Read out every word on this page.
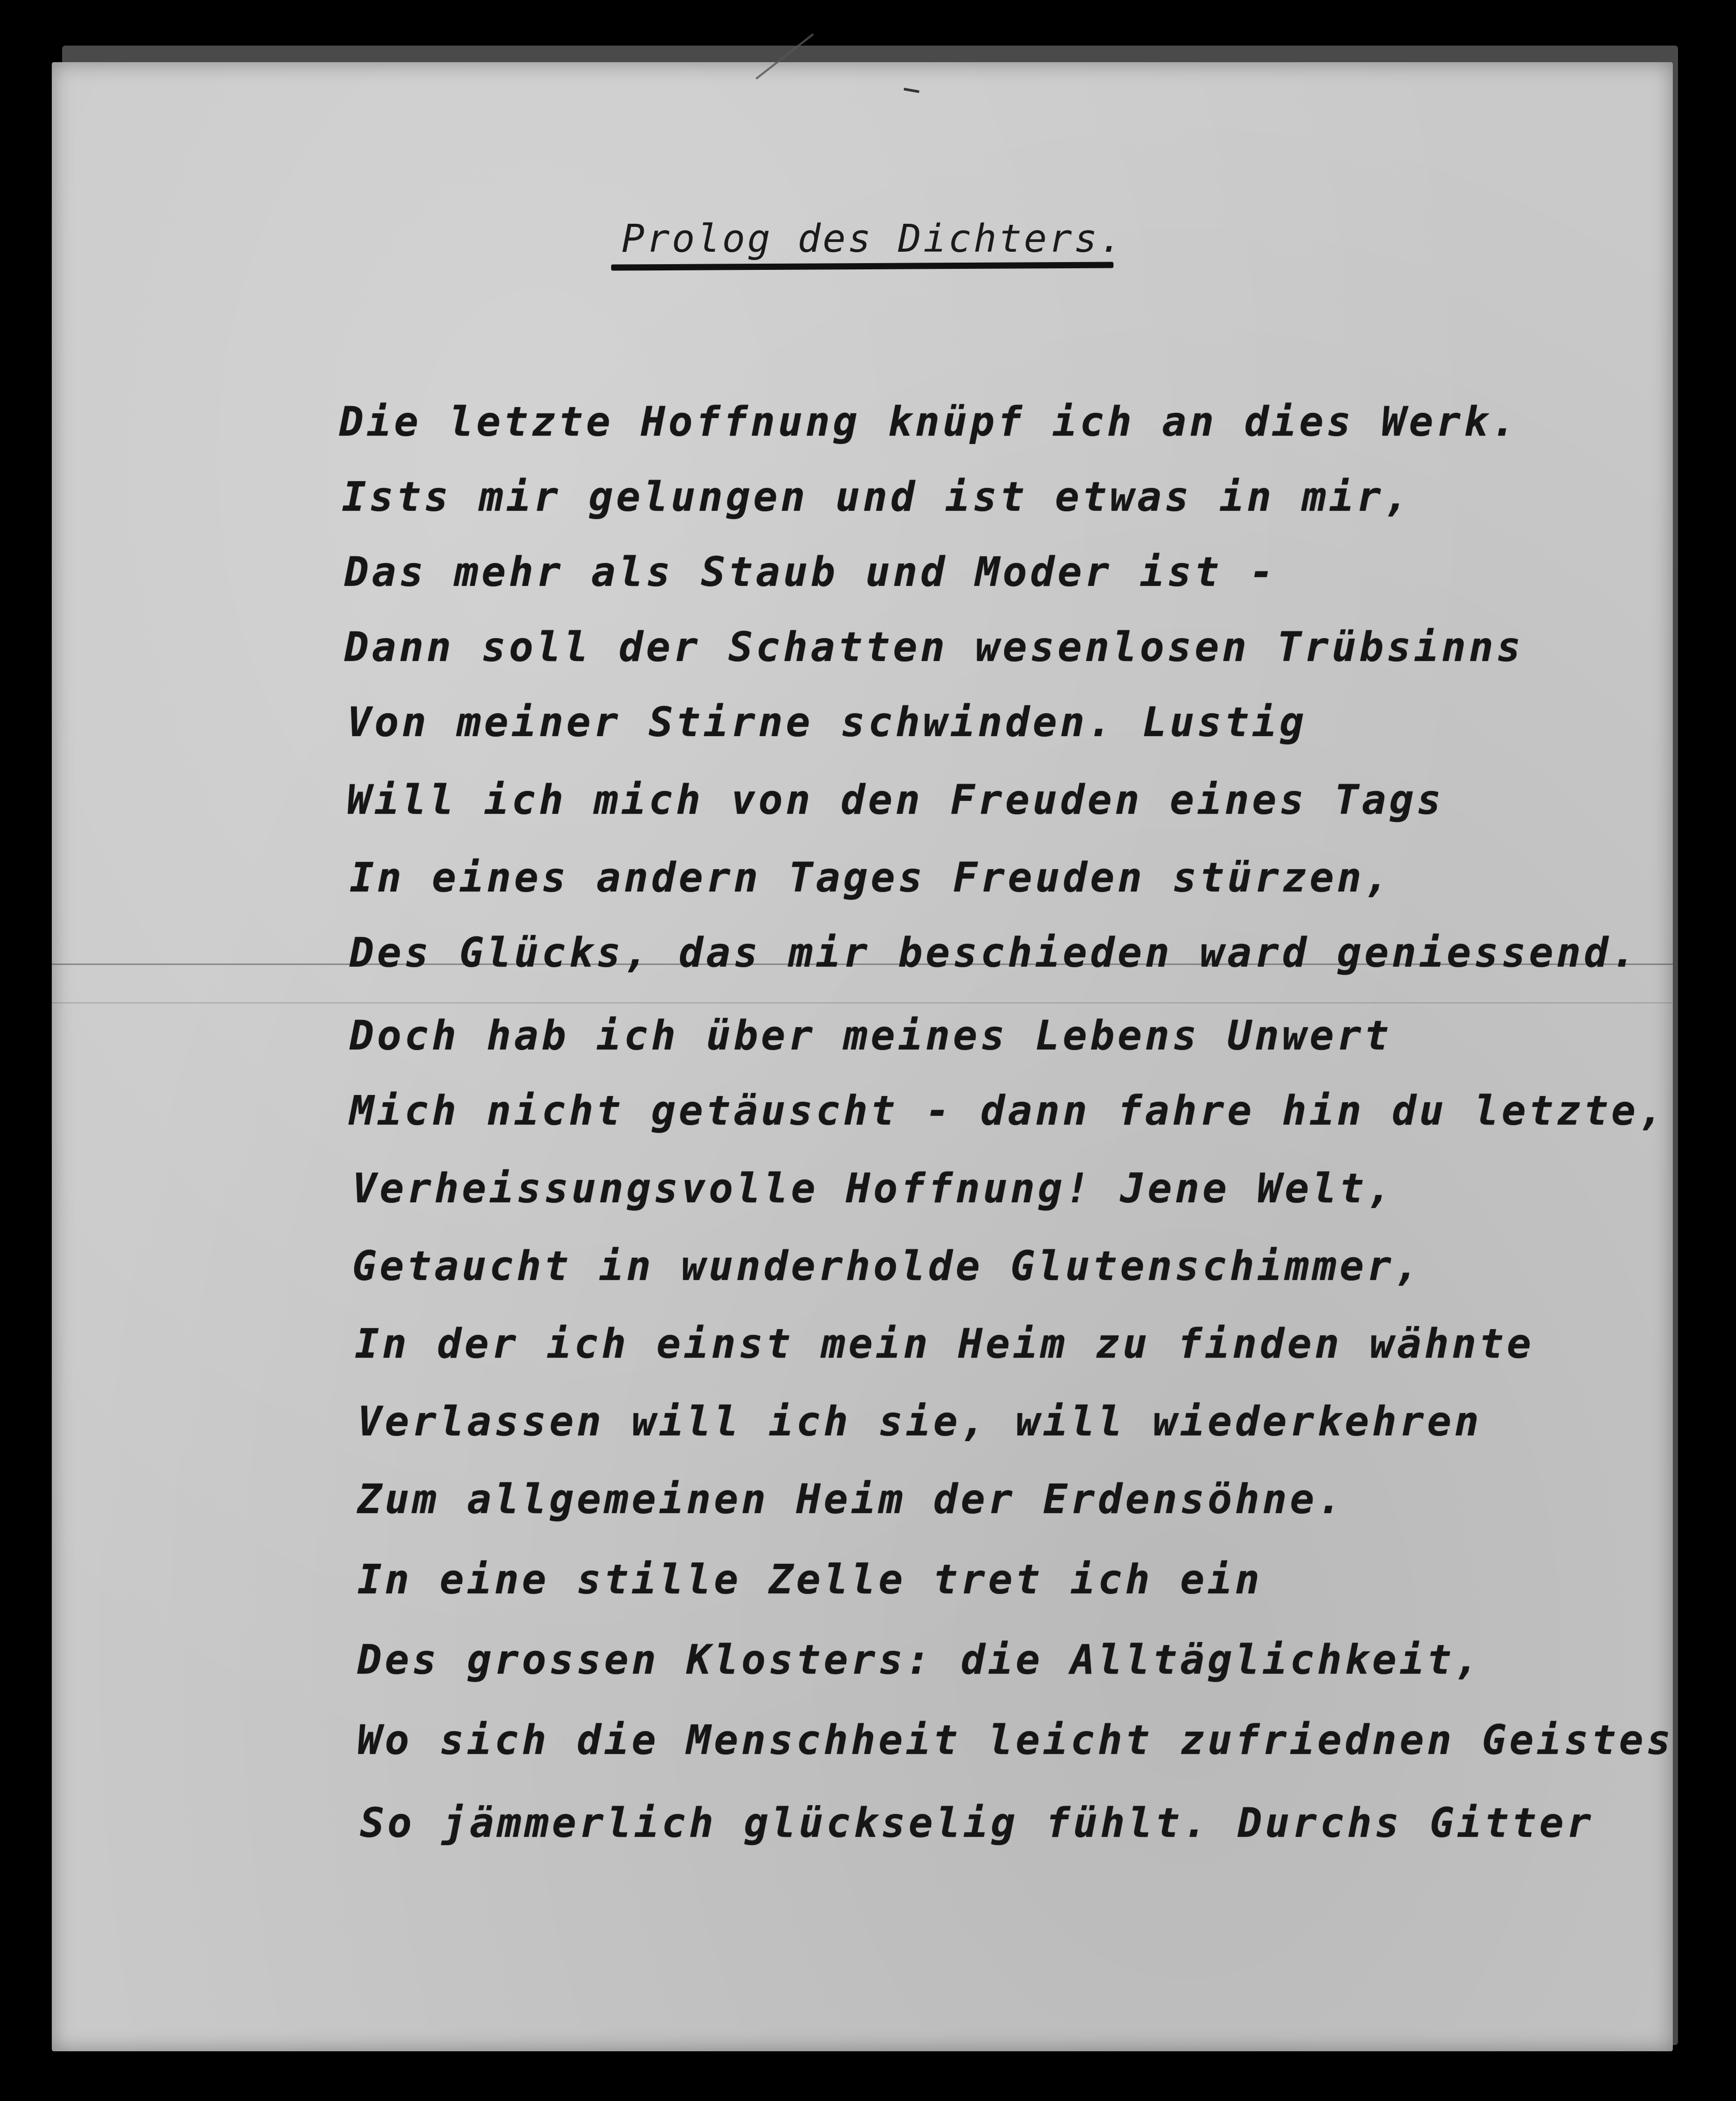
Prolog des Dichters.
Die letzte Hoffnung knüpf ich an dies Werk.
Ists mir gelungen und ist etwas in mir,
Das mehr als Staub und Moder ist -
Dann soll der Schatten wesenlosen Trübsinns
Von meiner Stirne schwinden. Lustig
Will ich mich von den Freuden eines Tags
In eines andern Tages Freuden stürzen,
Des Glücks, das mir beschieden ward geniessend.
Doch hab ich über meines Lebens Unwert
Mich nicht getäuscht - dann fahre hin du letzte,
Verheissungsvolle Hoffnung! Jene Welt,
Getaucht in wunderholde Glutenschimmer,
In der ich einst mein Heim zu finden wähnte
Verlassen will ich sie, will wiederkehren
Zum allgemeinen Heim der Erdensöhne.
In eine stille Zelle tret ich ein
Des grossen Klosters: die Alltäglichkeit,
Wo sich die Menschheit leicht zufriednen Geistes
So jämmerlich glückselig fühlt. Durchs Gitter
